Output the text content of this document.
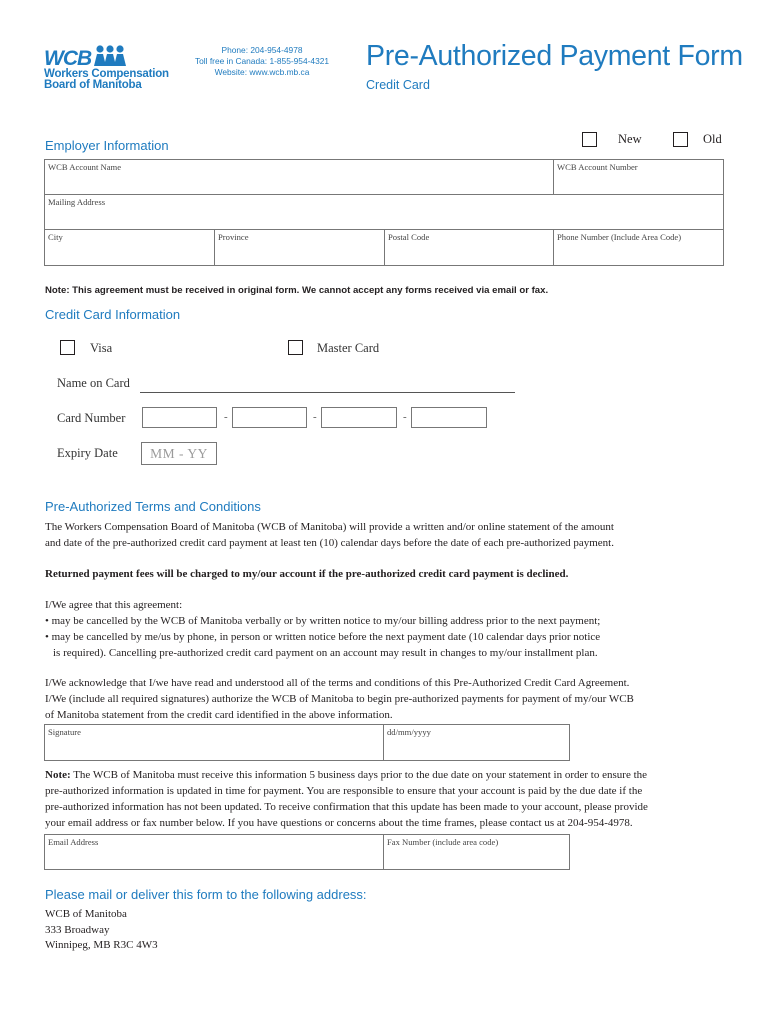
WCB
Workers Compensation
Board of Manitoba
Phone: 204-954-4978
Toll free in Canada: 1-855-954-4321
Website: www.wcb.mb.ca	Pre-Authorized Payment Form
Credit Card
Employer Information	New	Old
WCB Account Name	WCB Account Number
Mailing Address
City	Province	Postal Code	Phone Number (Include Area Code)
Note: This agreement must be received in original form. We cannot accept any forms received via email or fax.
Credit Card Information
Visa	Master Card
Name on Card
Card Number	-	-	-
Expiry Date	MM - YY
Pre-Authorized Terms and Conditions
The Workers Compensation Board of Manitoba (WCB of Manitoba) will provide a written and/or online statement of the amount
and date of the pre-authorized credit card payment at least ten (10) calendar days before the date of each pre-authorized payment.
Returned payment fees will be charged to my/our account if the pre-authorized credit card payment is declined.
I/We agree that this agreement:
• may be cancelled by the WCB of Manitoba verbally or by written notice to my/our billing address prior to the next payment;
• may be cancelled by me/us by phone, in person or written notice before the next payment date (10 calendar days prior notice
is required). Cancelling pre-authorized credit card payment on an account may result in changes to my/our installment plan.
I/We acknowledge that I/we have read and understood all of the terms and conditions of this Pre-Authorized Credit Card Agreement.
I/We (include all required signatures) authorize the WCB of Manitoba to begin pre-authorized payments for payment of my/our WCB
of Manitoba statement from the credit card identified in the above information.
Signature	dd/mm/yyyy
Note: The WCB of Manitoba must receive this information 5 business days prior to the due date on your statement in order to ensure the
pre-authorized information is updated in time for payment. You are responsible to ensure that your account is paid by the due date if the
pre-authorized information has not been updated. To receive confirmation that this update has been made to your account, please provide
your email address or fax number below. If you have questions or concerns about the time frames, please contact us at 204-954-4978.
Email Address	Fax Number (include area code)
Please mail or deliver this form to the following address:
WCB of Manitoba
333 Broadway
Winnipeg, MB R3C 4W3
